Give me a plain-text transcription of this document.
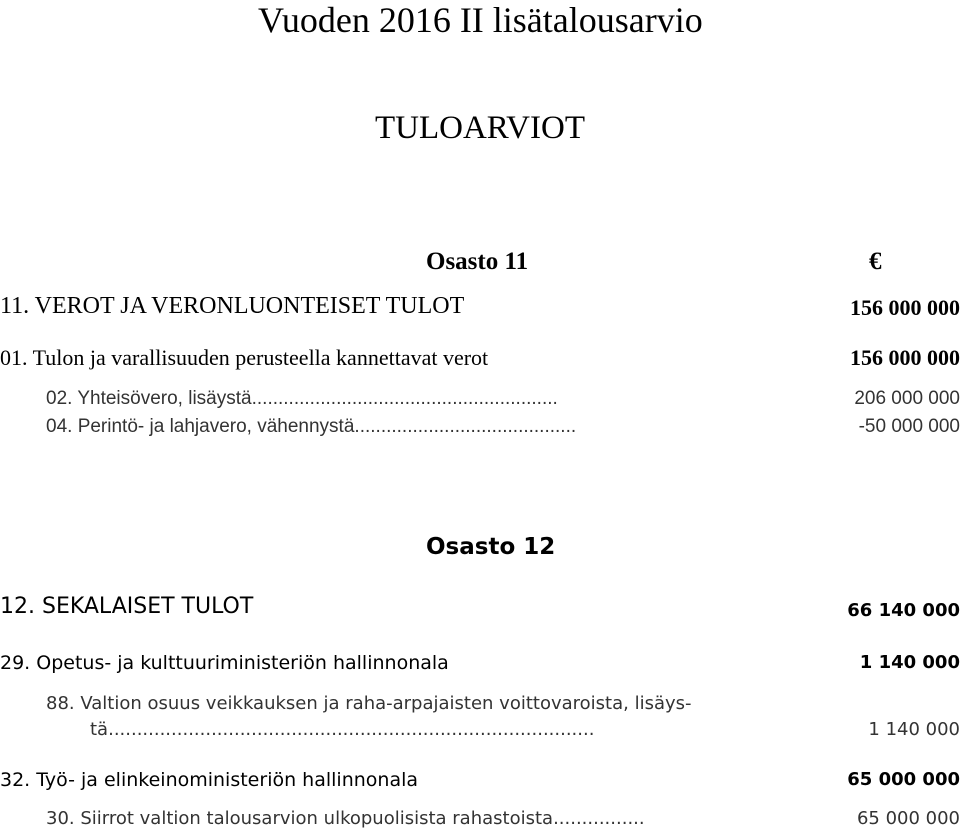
Vuoden 2016 II lisätalousarvio
TULOARVIOT
Osasto 11	€
11. VEROT JA VERONLUONTEISET TULOT	156 000 000
01. Tulon ja varallisuuden perusteella kannettavat verot	156 000 000
02. Yhteisövero, lisäystä..........................................................	206 000 000
04. Perintö- ja lahjavero, vähennystä..........................................	-50 000 000
Osasto 12
12. SEKALAISET TULOT	66 140 000
29. Opetus- ja kulttuuriministeriön hallinnonala	1 140 000
88. Valtion osuus veikkauksen ja raha-arpajaisten voittovaroista, lisäys-
tä.....................................................................................	1 140 000
32. Työ- ja elinkeinoministeriön hallinnonala	65 000 000
30. Siirrot valtion talousarvion ulkopuolisista rahastoista................	65 000 000
